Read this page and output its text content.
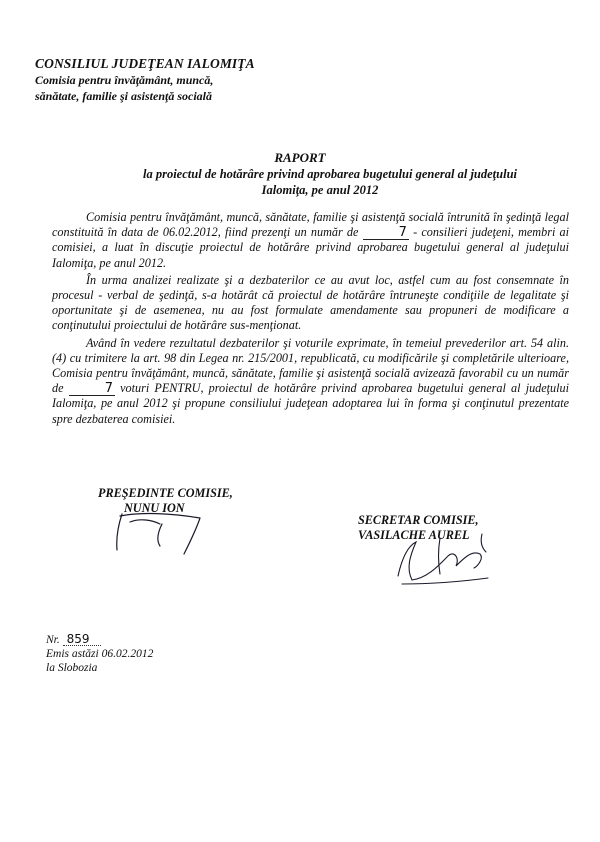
CONSILIUL JUDEŢEAN IALOMIŢA
Comisia pentru învăţământ, muncă,
sănătate, familie şi asistenţă socială
RAPORT
la proiectul de hotărâre privind aprobarea bugetului general al judeţului
Ialomiţa, pe anul 2012

Comisia pentru învăţământ, muncă, sănătate, familie şi asistenţă socială întrunită în şedinţă legal constituită în data de 06.02.2012, fiind prezenţi un număr de	7 - consilieri judeţeni, membri ai comisiei, a luat în discuţie proiectul de hotărâre privind aprobarea bugetului general al judeţului Ialomiţa, pe anul 2012.

În urma analizei realizate şi a dezbaterilor ce au avut loc, astfel cum au fost consemnate în procesul - verbal de şedinţă, s-a hotărât că proiectul de hotărâre întruneşte condiţiile de legalitate şi oportunitate şi de asemenea, nu au fost formulate amendamente sau propuneri de modificare a conţinutului proiectului de hotărâre sus-menţionat.

Având în vedere rezultatul dezbaterilor şi voturile exprimate, în temeiul prevederilor art. 54 alin. (4) cu trimitere la art. 98 din Legea nr. 215/2001, republicată, cu modificările şi completările ulterioare, Comisia pentru învăţământ, muncă, sănătate, familie şi asistenţă socială avizează favorabil cu un număr de	7 voturi PENTRU, proiectul de hotărâre privind aprobarea bugetului general al judeţului Ialomiţa, pe anul 2012 şi propune consiliului judeţean adoptarea lui în forma şi conţinutul prezentate spre dezbaterea comisiei.

PREŞEDINTE COMISIE,
NUNU ION
SECRETAR COMISIE,
VASILACHE AUREL
Nr. 859
Emis astăzi 06.02.2012
la Slobozia
